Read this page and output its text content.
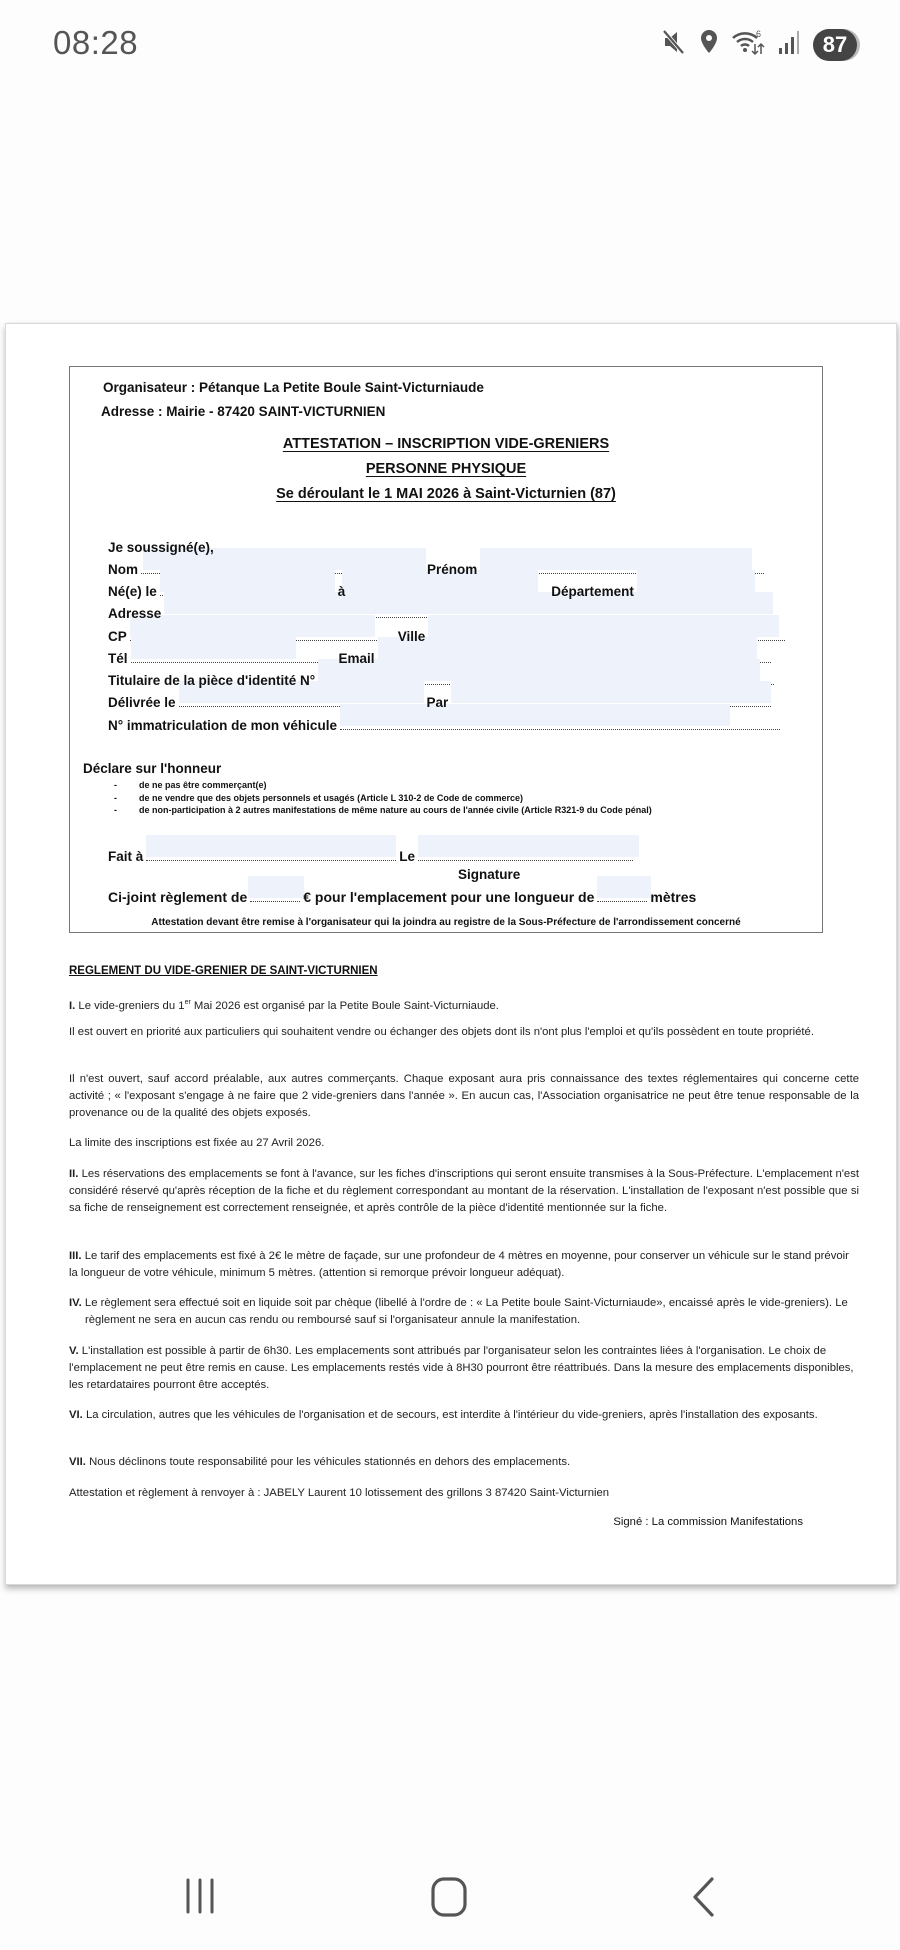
08:28	6	87
Organisateur : Pétanque La Petite Boule Saint-Victurniaude
Adresse : Mairie - 87420 SAINT-VICTURNIEN
ATTESTATION – INSCRIPTION VIDE-GRENIERS
PERSONNE PHYSIQUE
Se déroulant le 1 MAI 2026 à Saint-Victurnien (87)
Je soussigné(e),
Nom	Prénom
Né(e) le	à	Département
Adresse
CP	Ville
Tél	Email
Titulaire de la pièce d'identité N°
Délivrée le	Par
N° immatriculation de mon véhicule
Déclare sur l'honneur
-	de ne pas être commerçant(e)
-	de ne vendre que des objets personnels et usagés (Article L 310-2 de Code de commerce)
-	de non-participation à 2 autres manifestations de même nature au cours de l'année civile (Article R321-9 du Code pénal)
Fait à	Le
Signature
Ci-joint règlement de	€ pour l'emplacement pour une longueur de	mètres
Attestation devant être remise à l'organisateur qui la joindra au registre de la Sous-Préfecture de l'arrondissement concerné
REGLEMENT DU VIDE-GRENIER DE SAINT-VICTURNIEN
I. Le vide-greniers du 1er Mai 2026 est organisé par la Petite Boule Saint-Victurniaude.
Il est ouvert en priorité aux particuliers qui souhaitent vendre ou échanger des objets dont ils n'ont plus l'emploi et qu'ils possèdent en toute propriété.
Il n'est ouvert, sauf accord préalable, aux autres commerçants. Chaque exposant aura pris connaissance des textes réglementaires qui concerne cette activité ; « l'exposant s'engage à ne faire que 2 vide-greniers dans l'année ». En aucun cas, l'Association organisatrice ne peut être tenue responsable de la provenance ou de la qualité des objets exposés.
La limite des inscriptions est fixée au 27 Avril 2026.
II. Les réservations des emplacements se font à l'avance, sur les fiches d'inscriptions qui seront ensuite transmises à la Sous-Préfecture. L'emplacement n'est considéré réservé qu'après réception de la fiche et du règlement correspondant au montant de la réservation. L'installation de l'exposant n'est possible que si sa fiche de renseignement est correctement renseignée, et après contrôle de la pièce d'identité mentionnée sur la fiche.
III. Le tarif des emplacements est fixé à 2€ le mètre de façade, sur une profondeur de 4 mètres en moyenne, pour conserver un véhicule sur le stand prévoir la longueur de votre véhicule, minimum 5 mètres. (attention si remorque prévoir longueur adéquat).
IV. Le règlement sera effectué soit en liquide soit par chèque (libellé à l'ordre de : « La Petite boule Saint-Victurniaude», encaissé après le vide-greniers). Le règlement ne sera en aucun cas rendu ou remboursé sauf si l'organisateur annule la manifestation.
V. L'installation est possible à partir de 6h30. Les emplacements sont attribués par l'organisateur selon les contraintes liées à l'organisation. Le choix de l'emplacement ne peut être remis en cause. Les emplacements restés vide à 8H30 pourront être réattribués. Dans la mesure des emplacements disponibles, les retardataires pourront être acceptés.
VI. La circulation, autres que les véhicules de l'organisation et de secours, est interdite à l'intérieur du vide-greniers, après l'installation des exposants.
VII. Nous déclinons toute responsabilité pour les véhicules stationnés en dehors des emplacements.
Attestation et règlement à renvoyer à : JABELY Laurent 10 lotissement des grillons 3 87420 Saint-Victurnien
Signé : La commission Manifestations
